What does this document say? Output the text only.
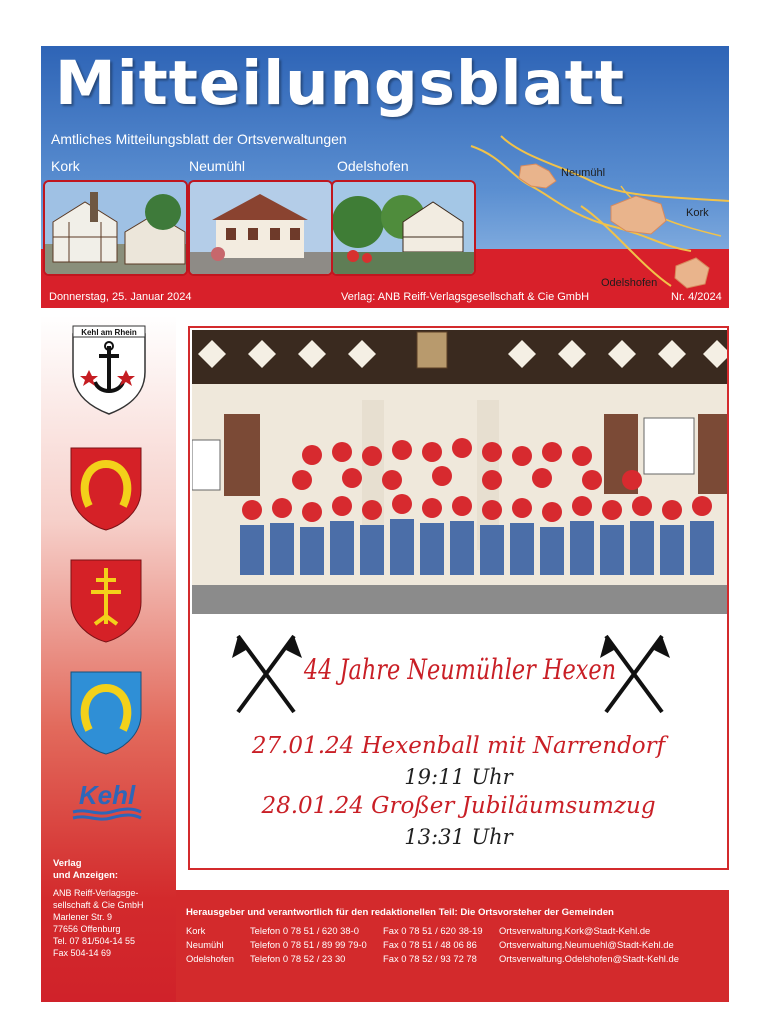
Mitteilungsblatt
Amtliches Mitteilungsblatt der Ortsverwaltungen
Kork	Neumühl	Odelshofen	Neumühl
Kork
Odelshofen
Donnerstag, 25. Januar 2024	Verlag: ANB Reiff-Verlagsgesellschaft & Cie GmbH	Nr. 4/2024
Kehl am Rhein
Kehl
Verlag
und Anzeigen:
ANB Reiff-Verlagsge-
sellschaft & Cie GmbH
Marlener Str. 9
77656 Offenburg
Tel. 07 81/504-14 55
Fax 504-14 69
44 Jahre Neumühler Hexen
27.01.24 Hexenball mit Narrendorf
19:11 Uhr
28.01.24 Großer Jubiläumsumzug
13:31 Uhr
Herausgeber und verantwortlich für den redaktionellen Teil: Die Ortsvorsteher der Gemeinden
Kork	Telefon 0 78 51 / 620 38-0	Fax 0 78 51 / 620 38-19 Ortsverwaltung.Kork@Stadt-Kehl.de
Neumühl	Telefon 0 78 51 / 89 99 79-0 Fax 0 78 51 / 48 06 86 Ortsverwaltung.Neumuehl@Stadt-Kehl.de
Odelshofen Telefon 0 78 52 / 23 30	Fax 0 78 52 / 93 72 78 Ortsverwaltung.Odelshofen@Stadt-Kehl.de
